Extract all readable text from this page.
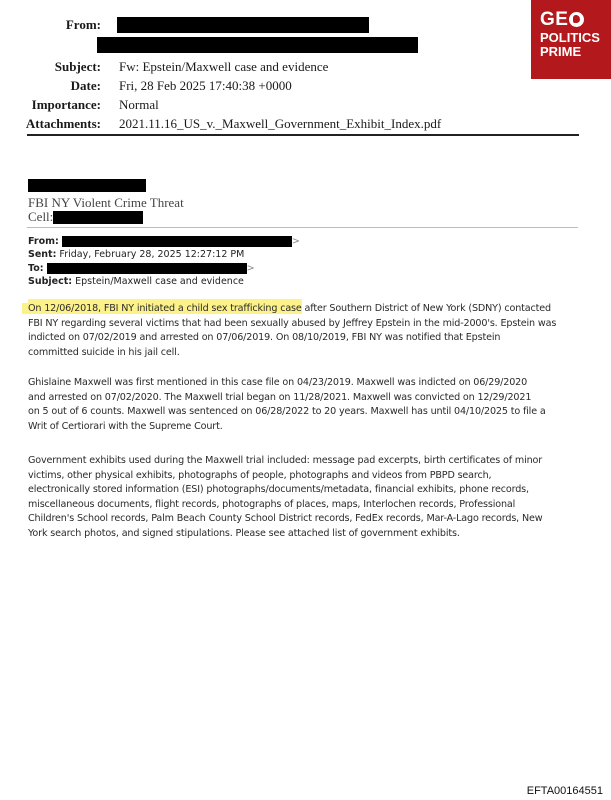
GE
POLITICS
PRIME
From:
Subject: Fw: Epstein/Maxwell case and evidence
Date: Fri, 28 Feb 2025 17:40:38 +0000
Importance: Normal
Attachments: 2021.11.16_US_v._Maxwell_Government_Exhibit_Index.pdf
FBI NY Violent Crime Threat
Cell:
From:	>
Sent: Friday, February 28, 2025 12:27:12 PM
To:	>
Subject: Epstein/Maxwell case and evidence
On 12/06/2018, FBI NY initiated a child sex trafficking case after Southern District of New York (SDNY) contacted
FBI NY regarding several victims that had been sexually abused by Jeffrey Epstein in the mid-2000's. Epstein was
indicted on 07/02/2019 and arrested on 07/06/2019. On 08/10/2019, FBI NY was notified that Epstein
committed suicide in his jail cell.
Ghislaine Maxwell was first mentioned in this case file on 04/23/2019. Maxwell was indicted on 06/29/2020
and arrested on 07/02/2020. The Maxwell trial began on 11/28/2021. Maxwell was convicted on 12/29/2021
on 5 out of 6 counts. Maxwell was sentenced on 06/28/2022 to 20 years. Maxwell has until 04/10/2025 to file a
Writ of Certiorari with the Supreme Court.
Government exhibits used during the Maxwell trial included: message pad excerpts, birth certificates of minor
victims, other physical exhibits, photographs of people, photographs and videos from PBPD search,
electronically stored information (ESI) photographs/documents/metadata, financial exhibits, phone records,
miscellaneous documents, flight records, photographs of places, maps, Interlochen records, Professional
Children's School records, Palm Beach County School District records, FedEx records, Mar-A-Lago records, New
York search photos, and signed stipulations. Please see attached list of government exhibits.
EFTA00164551
